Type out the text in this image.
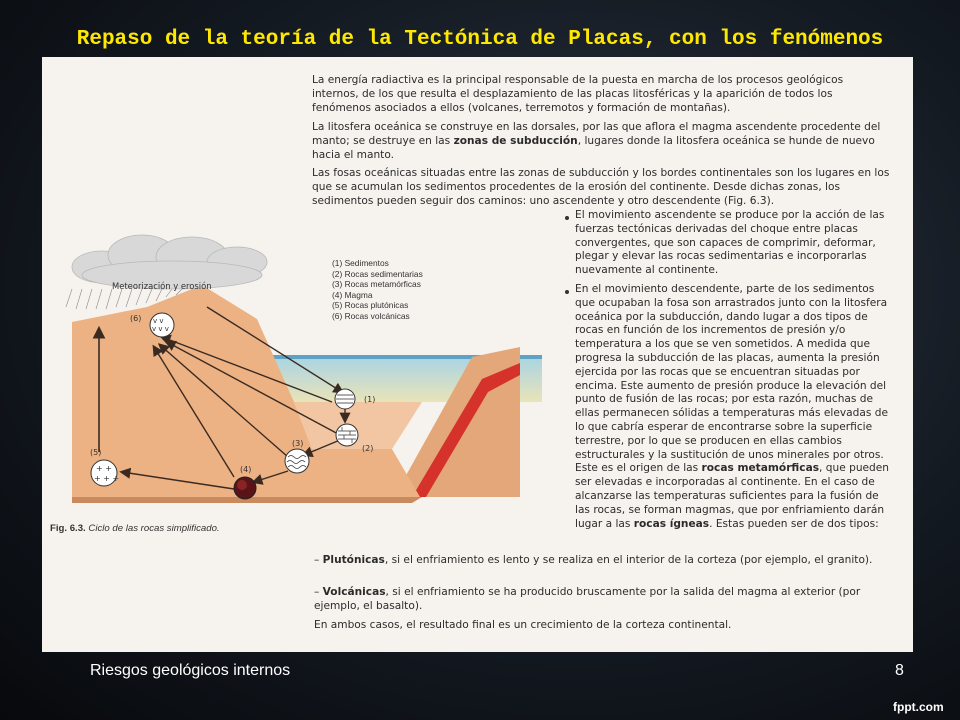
Repaso de la teoría de la Tectónica de Placas, con los fenómenos

La energía radiactiva es la principal responsable de la puesta en marcha de los procesos geológicos internos, de los que resulta el desplazamiento de las placas litosféricas y la aparición de todos los fenómenos asociados a ellos (volcanes, terremotos y formación de montañas).

La litosfera oceánica se construye en las dorsales, por las que aflora el magma ascendente procedente del manto; se destruye en las zonas de subducción, lugares donde la litosfera oceánica se hunde de nuevo hacia el manto.

Las fosas oceánicas situadas entre las zonas de subducción y los bordes continentales son los lugares en los que se acumulan los sedimentos procedentes de la erosión del continente. Desde dichas zonas, los sedimentos pueden seguir dos caminos: uno ascendente y otro descendente (Fig. 6.3).

El movimiento ascendente se produce por la acción de las fuerzas tectónicas derivadas del choque entre placas convergentes, que son capaces de comprimir, deformar, plegar y elevar las rocas sedimentarias e incorporarlas nuevamente al continente.

En el movimiento descendente, parte de los sedimentos que ocupaban la fosa son arrastrados junto con la litosfera oceánica por la subducción, dando lugar a dos tipos de rocas en función de los incrementos de presión y/o temperatura a los que se ven sometidos. A medida que progresa la subducción de las placas, aumenta la presión ejercida por las rocas que se encuentran situadas por encima. Este aumento de presión produce la elevación del punto de fusión de las rocas; por esta razón, muchas de ellas permanecen sólidas a temperaturas más elevadas de lo que cabría esperar de encontrarse sobre la superficie terrestre, por lo que se producen en ellas cambios estructurales y la sustitución de unos minerales por otros. Este es el origen de las rocas metamórficas, que pueden ser elevadas e incorporadas al continente. En el caso de alcanzarse las temperaturas suficientes para la fusión de las rocas, se forman magmas, que por enfriamiento darán lugar a las rocas ígneas. Estas pueden ser de dos tipos:

– Plutónicas, si el enfriamiento es lento y se realiza en el interior de la corteza (por ejemplo, el granito).

– Volcánicas, si el enfriamiento se ha producido bruscamente por la salida del magma al exterior (por ejemplo, el basalto).

En ambos casos, el resultado final es un crecimiento de la corteza continental.

Meteorización y erosión
+ +
+ + +
v v
v v v
(1)
(2)
(3)
(4)
(5)
(6)
(1) Sedimentos
(2) Rocas sedimentarias
(3) Rocas metamórficas
(4) Magma
(5) Rocas plutónicas
(6) Rocas volcánicas
Fig. 6.3. Ciclo de las rocas simplificado.
Riesgos geológicos internos	8
fppt.com
